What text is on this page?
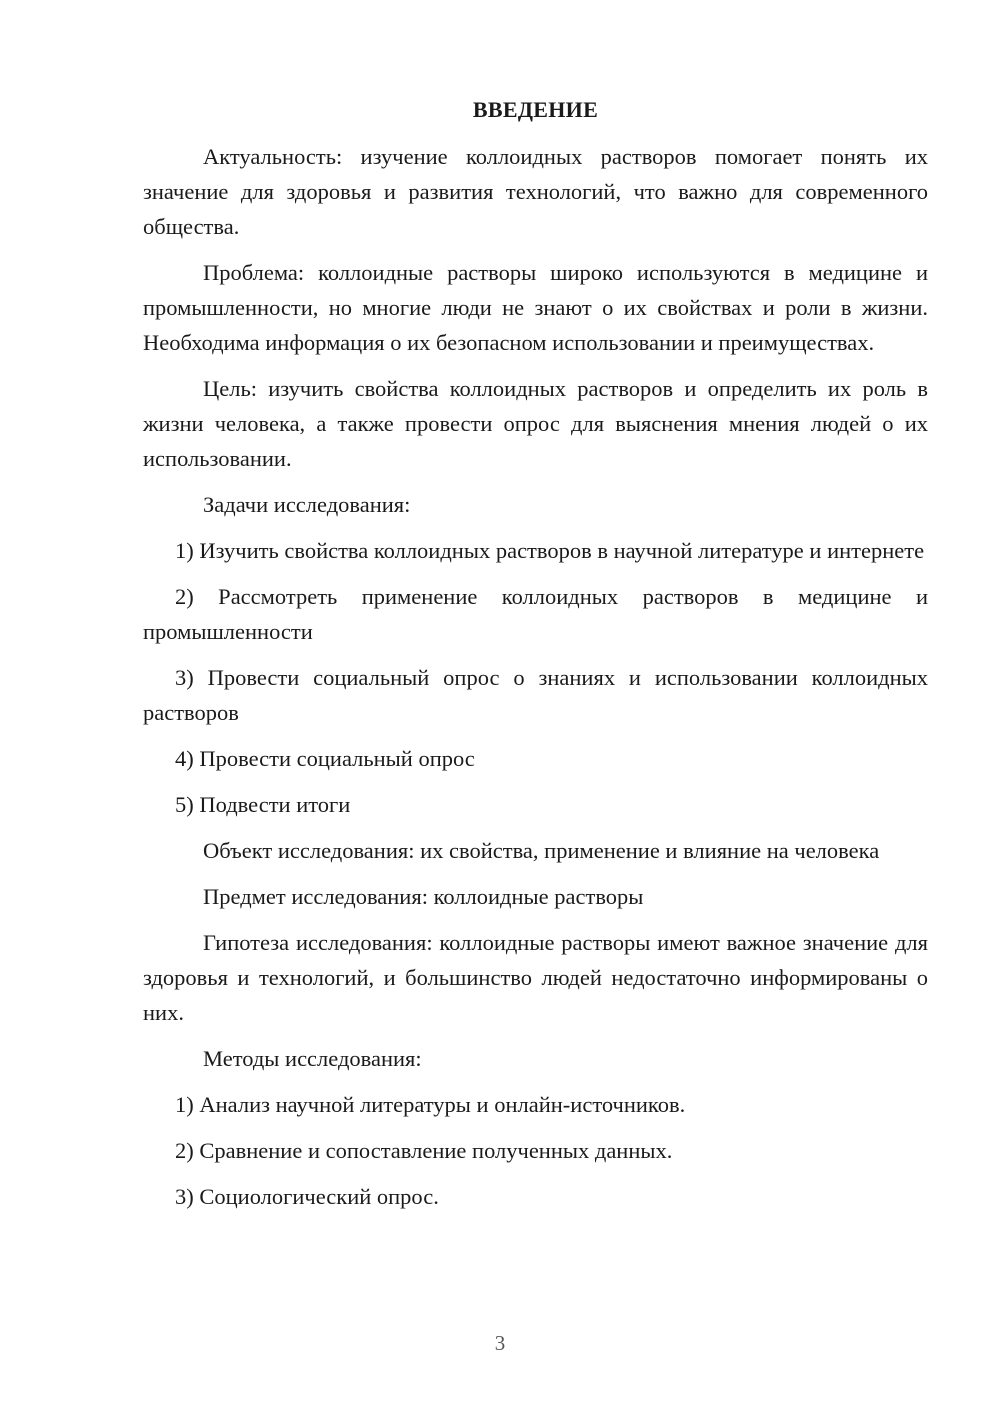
ВВЕДЕНИЕ

Актуальность: изучение коллоидных растворов помогает понять их значение для здоровья и развития технологий, что важно для современного общества.

Проблема: коллоидные растворы широко используются в медицине и промышленности, но многие люди не знают о их свойствах и роли в жизни. Необходима информация о их безопасном использовании и преимуществах.

Цель: изучить свойства коллоидных растворов и определить их роль в жизни человека, а также провести опрос для выяснения мнения людей о их использовании.

Задачи исследования:

1) Изучить свойства коллоидных растворов в научной литературе и интернете

2) Рассмотреть применение коллоидных растворов в медицине и промышленности

3) Провести социальный опрос о знаниях и использовании коллоидных растворов

4) Провести социальный опрос

5) Подвести итоги

Объект исследования: их свойства, применение и влияние на человека

Предмет исследования: коллоидные растворы

Гипотеза исследования: коллоидные растворы имеют важное значение для здоровья и технологий, и большинство людей недостаточно информированы о них.

Методы исследования:

1) Анализ научной литературы и онлайн-источников.

2) Сравнение и сопоставление полученных данных.

3) Социологический опрос.

3
